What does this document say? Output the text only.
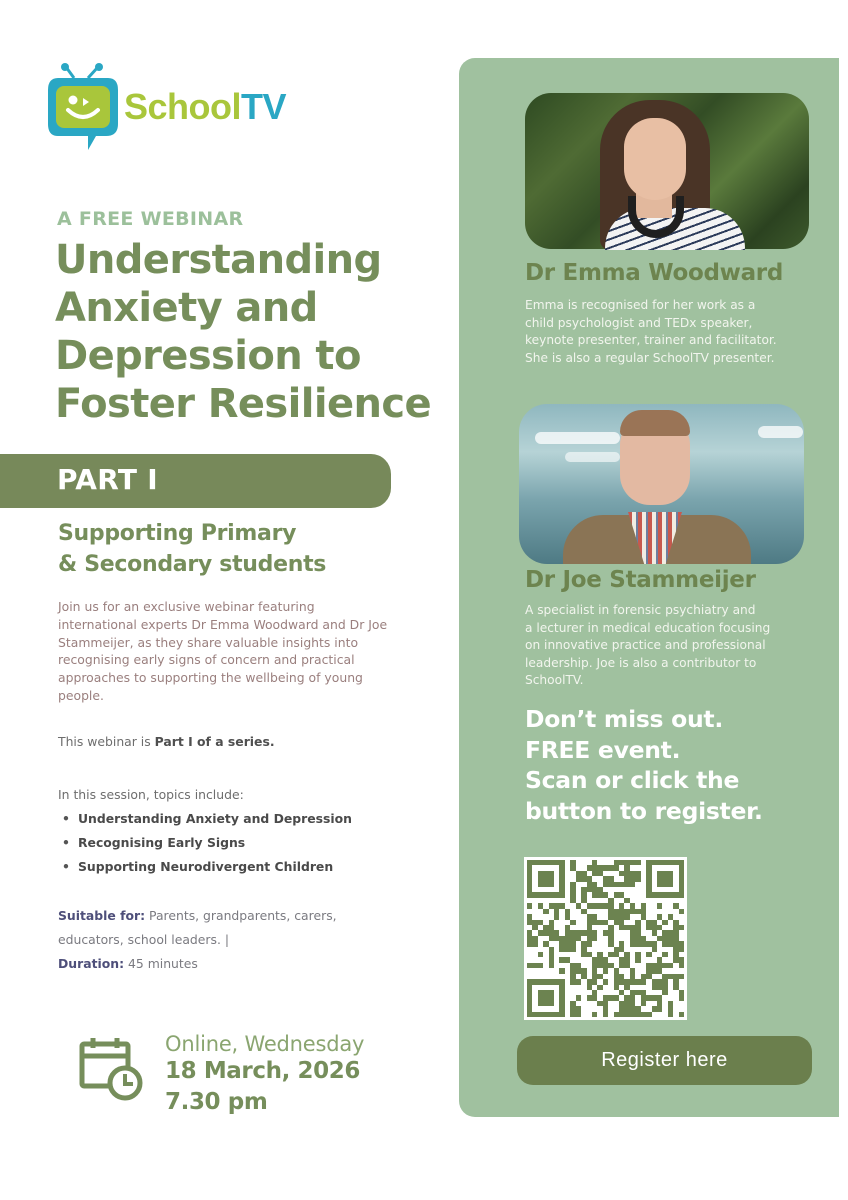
SchoolTV
A FREE WEBINAR
Understanding
Anxiety and
Depression to
Foster Resilience
PART I
Supporting Primary
& Secondary students

Join us for an exclusive webinar featuring international experts Dr Emma Woodward and Dr Joe Stammeijer, as they share valuable insights into recognising early signs of concern and practical approaches to supporting the wellbeing of young people.

This webinar is Part I of a series.

In this session, topics include:

• Understanding Anxiety and Depression
• Recognising Early Signs
• Supporting Neurodivergent Children
Suitable for: Parents, grandparents, carers,
educators, school leaders. |
Duration: 45 minutes
Online, Wednesday
18 March, 2026
7.30 pm
Dr Emma Woodward
Emma is recognised for her work as a
child psychologist and TEDx speaker,
keynote presenter, trainer and facilitator.
She is also a regular SchoolTV presenter.
Dr Joe Stammeijer
A specialist in forensic psychiatry and
a lecturer in medical education focusing
on innovative practice and professional
leadership. Joe is also a contributor to
SchoolTV.
Don’t miss out.
FREE event.
Scan or click the
button to register.
Register here
